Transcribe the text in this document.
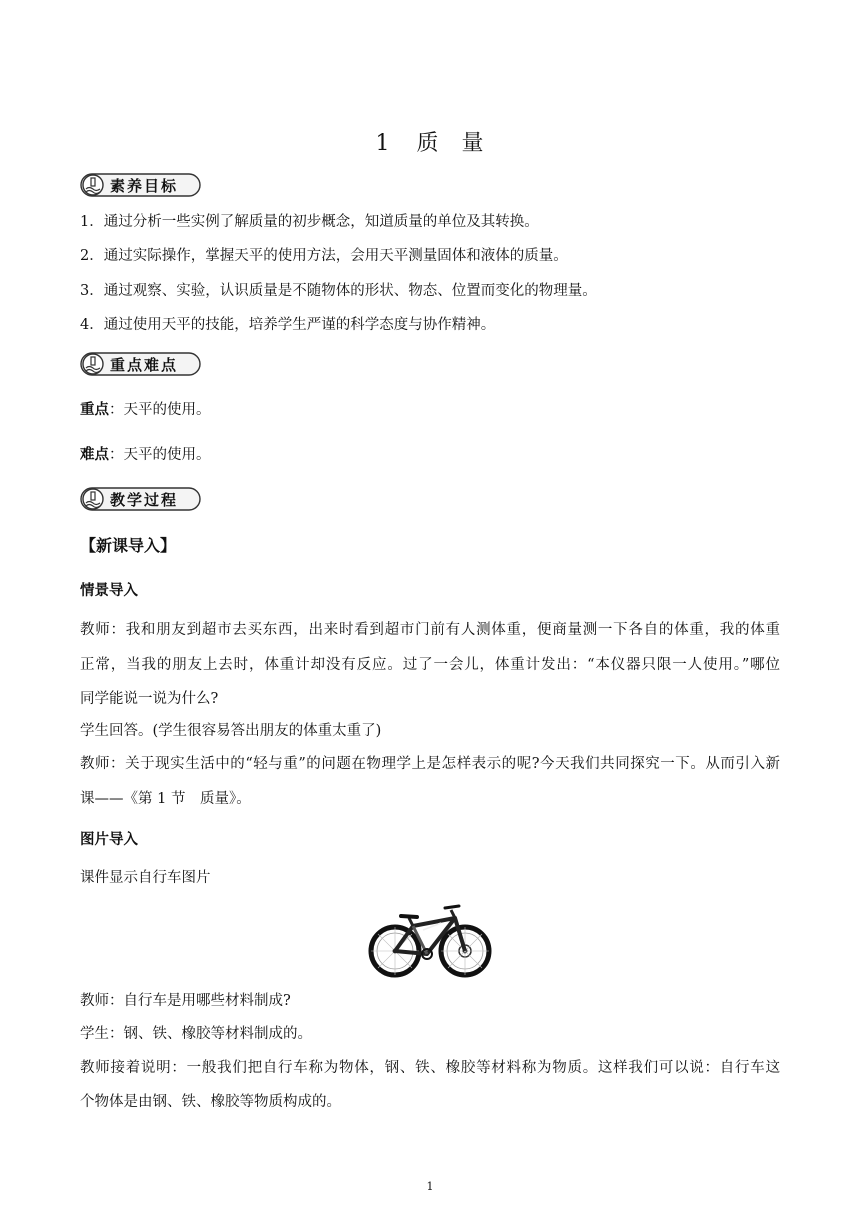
1 质 量
素养目标
1．通过分析一些实例了解质量的初步概念，知道质量的单位及其转换。
2．通过实际操作，掌握天平的使用方法，会用天平测量固体和液体的质量。
3．通过观察、实验，认识质量是不随物体的形状、物态、位置而变化的物理量。
4．通过使用天平的技能，培养学生严谨的科学态度与协作精神。
重点难点
重点：天平的使用。
难点：天平的使用。
教学过程
【新课导入】
情景导入
教师：我和朋友到超市去买东西，出来时看到超市门前有人测体重，便商量测一下各自的体重，我的体重
正常，当我的朋友上去时，体重计却没有反应。过了一会儿，体重计发出：“本仪器只限一人使用。”哪位
同学能说一说为什么?
学生回答。(学生很容易答出朋友的体重太重了)
教师：关于现实生活中的“轻与重”的问题在物理学上是怎样表示的呢?今天我们共同探究一下。从而引入新
课——《第 1 节　质量》。
图片导入
课件显示自行车图片
教师：自行车是用哪些材料制成?
学生：钢、铁、橡胶等材料制成的。
教师接着说明：一般我们把自行车称为物体，钢、铁、橡胶等材料称为物质。这样我们可以说：自行车这
个物体是由钢、铁、橡胶等物质构成的。
1
